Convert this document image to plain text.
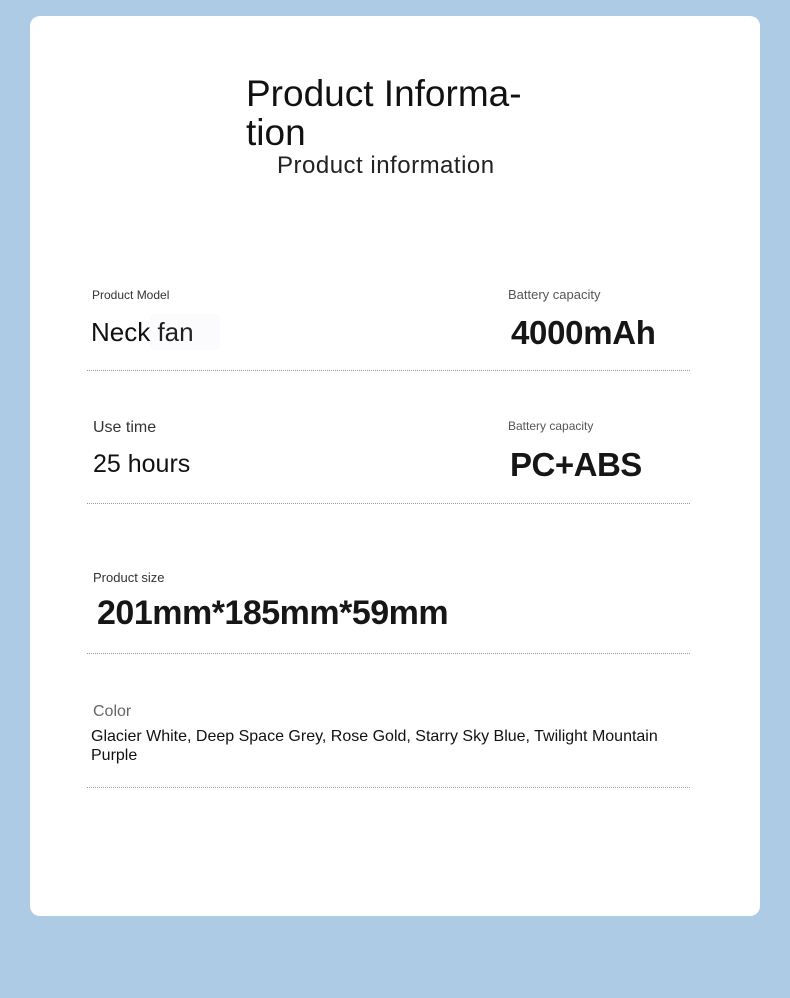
Product Informa-tion
Product information
Product Model
Neck fan
Battery capacity
4000mAh
Use time
25 hours
Battery capacity
PC+ABS
Product size
201mm*185mm*59mm
Color
Glacier White, Deep Space Grey, Rose Gold, Starry Sky Blue, Twilight Mountain Purple
